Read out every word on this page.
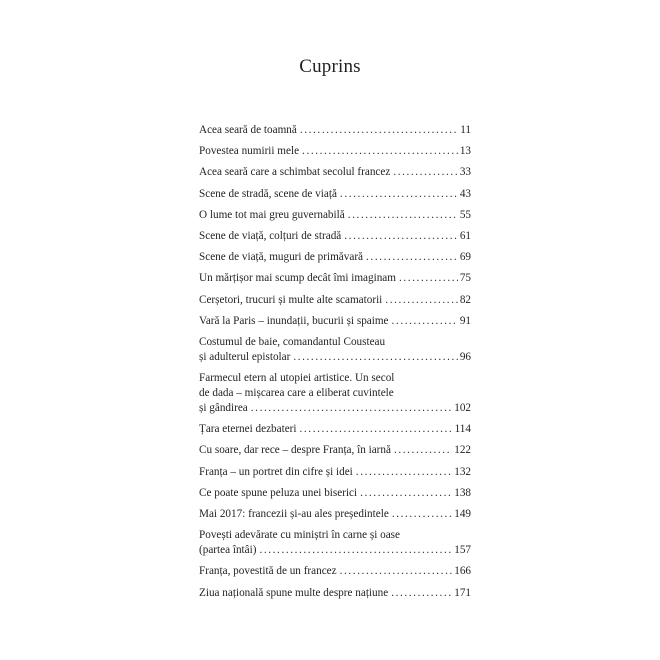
Cuprins
Acea seară de toamnă . . .	11
Povestea numirii mele . . .	13
Acea seară care a schimbat secolul francez . . .	33
Scene de stradă, scene de viață . . .	43
O lume tot mai greu guvernabilă . . .	55
Scene de viață, colțuri de stradă . . .	61
Scene de viață, muguri de primăvară . . .	69
Un mărțișor mai scump decât îmi imaginam . . .	75
Cerșetori, trucuri și multe alte scamatorii . . .	82
Vară la Paris – inundații, bucurii și spaime . . .	91
Costumul de baie, comandantul Cousteau
și adulterul epistolar . . .	96
Farmecul etern al utopiei artistice. Un secol
de dada – mișcarea care a eliberat cuvintele
și gândirea . . .	102
Țara eternei dezbateri . . .	114
Cu soare, dar rece – despre Franța, în iarnă . . .	122
Franța – un portret din cifre și idei . . .	132
Ce poate spune peluza unei biserici . . .	138
Mai 2017: francezii și-au ales președintele . . .	149
Povești adevărate cu miniștri în carne și oase
(partea întâi) . . .	157
Franța, povestită de un francez . . .	166
Ziua națională spune multe despre națiune . . .	171
